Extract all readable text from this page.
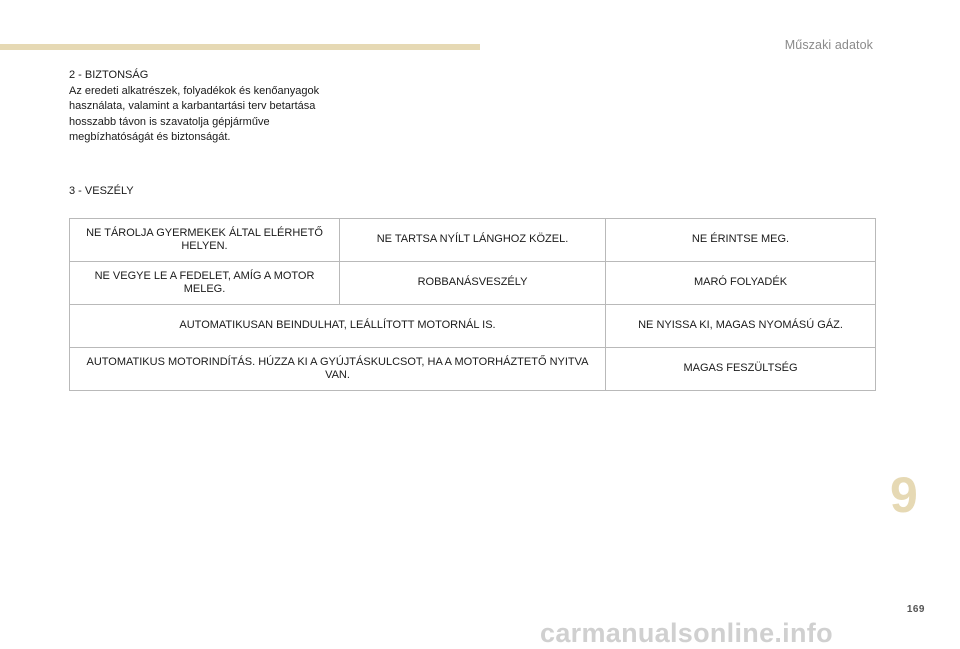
Műszaki adatok

2 - BIZTONSÁG

Az eredeti alkatrészek, folyadékok és kenőanyagok

használata, valamint a karbantartási terv betartása

hosszabb távon is szavatolja gépjárműve

megbízhatóságát és biztonságát.

3 - VESZÉLY

NE TÁROLJA GYERMEKEK ÁLTAL ELÉRHETŐ HELYEN.	NE TARTSA NYÍLT LÁNGHOZ KÖZEL.	NE ÉRINTSE MEG.
NE VEGYE LE A FEDELET, AMÍG A MOTOR MELEG.	ROBBANÁSVESZÉLY	MARÓ FOLYADÉK
AUTOMATIKUSAN BEINDULHAT, LEÁLLÍTOTT MOTORNÁL IS.		NE NYISSA KI, MAGAS NYOMÁSÚ GÁZ.
AUTOMATIKUS MOTORINDÍTÁS. HÚZZA KI A GYÚJTÁSKULCSOT, HA A MOTORHÁZTETŐ NYITVA VAN.		MAGAS FESZÜLTSÉG
9
169
carmanualsonline.info
